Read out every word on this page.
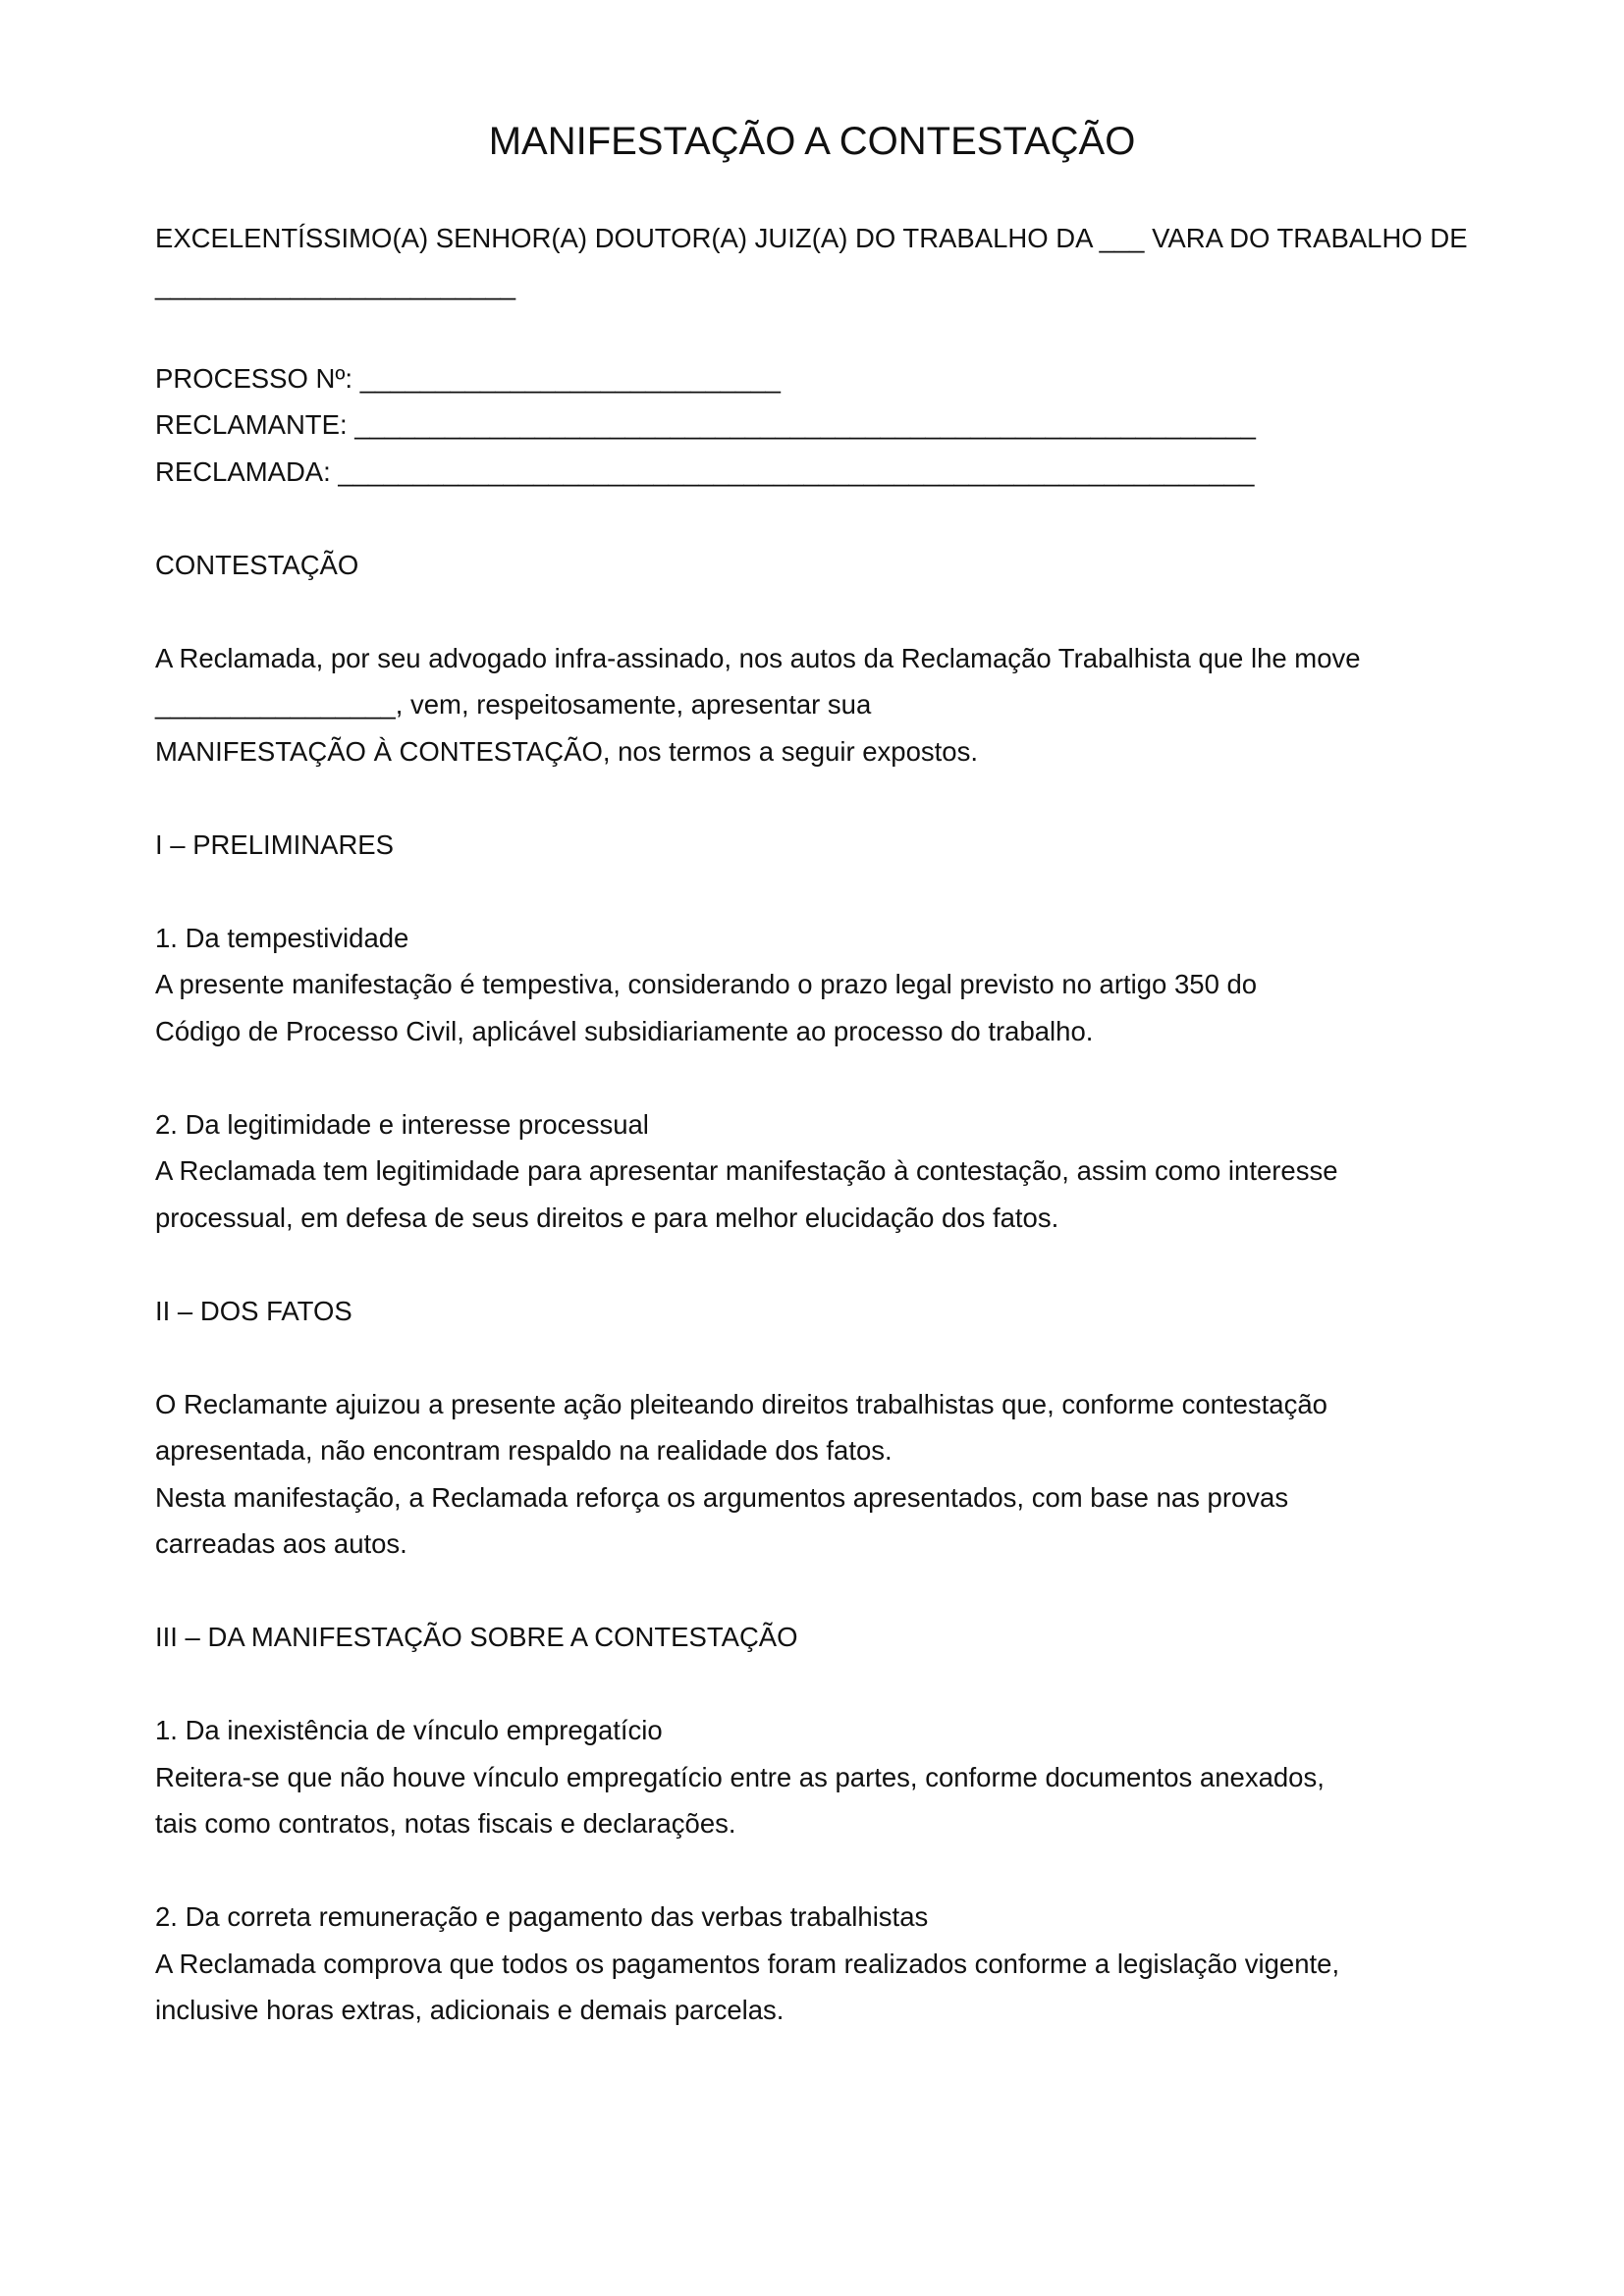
MANIFESTAÇÃO A CONTESTAÇÃO
EXCELENTÍSSIMO(A) SENHOR(A) DOUTOR(A) JUIZ(A) DO TRABALHO DA ___ VARA DO TRABALHO DE
________________________
PROCESSO Nº: ____________________________
RECLAMANTE: ____________________________________________________________
RECLAMADA: _____________________________________________________________
CONTESTAÇÃO
A Reclamada, por seu advogado infra-assinado, nos autos da Reclamação Trabalhista que lhe move
________________, vem, respeitosamente, apresentar sua
MANIFESTAÇÃO À CONTESTAÇÃO, nos termos a seguir expostos.
I – PRELIMINARES
1. Da tempestividade
A presente manifestação é tempestiva, considerando o prazo legal previsto no artigo 350 do
Código de Processo Civil, aplicável subsidiariamente ao processo do trabalho.
2. Da legitimidade e interesse processual
A Reclamada tem legitimidade para apresentar manifestação à contestação, assim como interesse
processual, em defesa de seus direitos e para melhor elucidação dos fatos.
II – DOS FATOS
O Reclamante ajuizou a presente ação pleiteando direitos trabalhistas que, conforme contestação
apresentada, não encontram respaldo na realidade dos fatos.
Nesta manifestação, a Reclamada reforça os argumentos apresentados, com base nas provas
carreadas aos autos.
III – DA MANIFESTAÇÃO SOBRE A CONTESTAÇÃO
1. Da inexistência de vínculo empregatício
Reitera-se que não houve vínculo empregatício entre as partes, conforme documentos anexados,
tais como contratos, notas fiscais e declarações.
2. Da correta remuneração e pagamento das verbas trabalhistas
A Reclamada comprova que todos os pagamentos foram realizados conforme a legislação vigente,
inclusive horas extras, adicionais e demais parcelas.
